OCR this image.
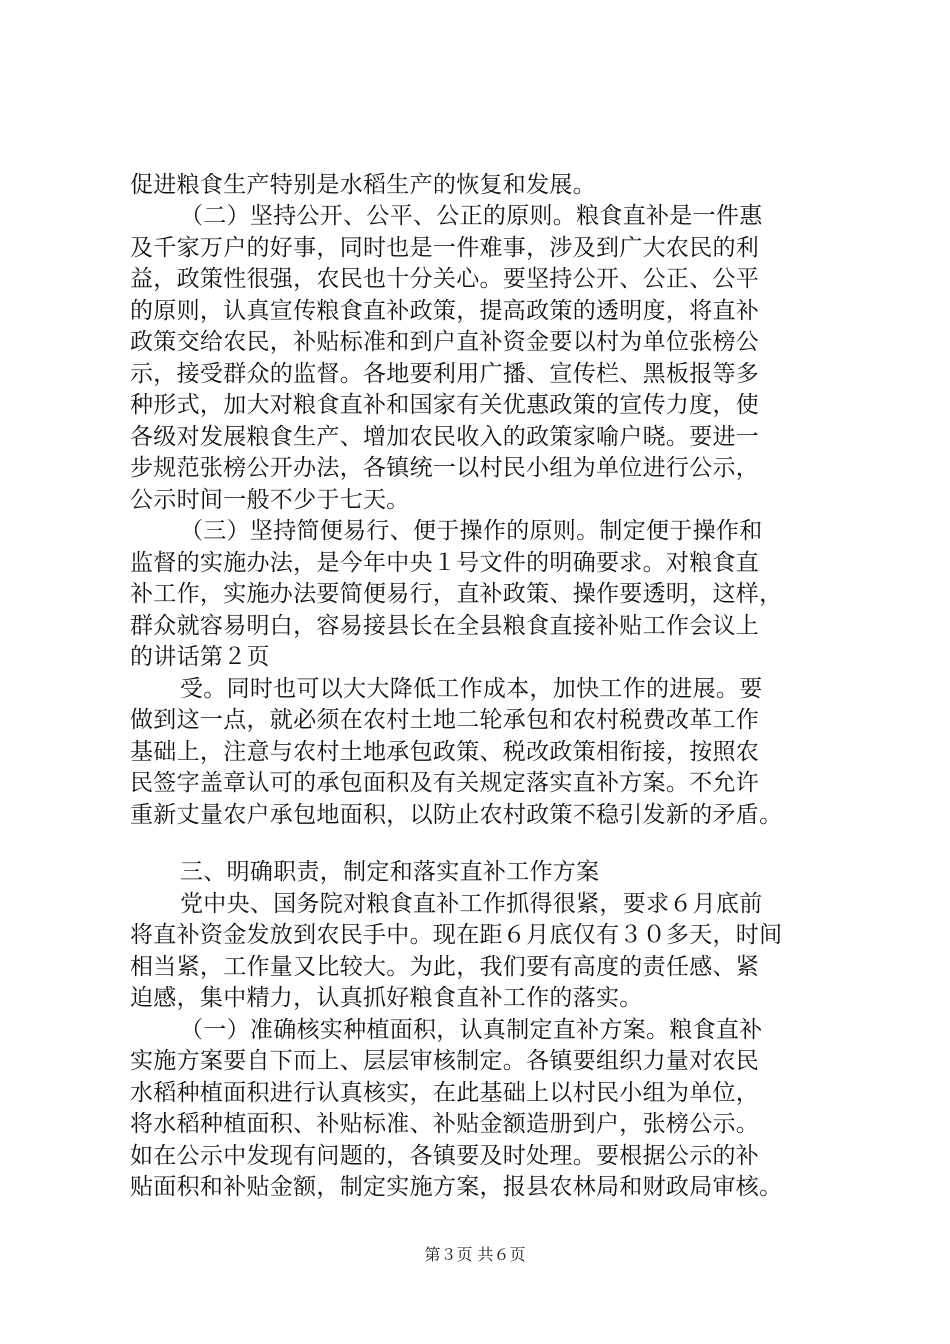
促进粮食生产特别是水稻生产的恢复和发展。
（二）坚持公开、公平、公正的原则。粮食直补是一件惠
及千家万户的好事，同时也是一件难事，涉及到广大农民的利
益，政策性很强，农民也十分关心。要坚持公开、公正、公平
的原则，认真宣传粮食直补政策，提高政策的透明度，将直补
政策交给农民，补贴标准和到户直补资金要以村为单位张榜公
示，接受群众的监督。各地要利用广播、宣传栏、黑板报等多
种形式，加大对粮食直补和国家有关优惠政策的宣传力度，使
各级对发展粮食生产、增加农民收入的政策家喻户晓。要进一
步规范张榜公开办法，各镇统一以村民小组为单位进行公示，
公示时间一般不少于七天。
（三）坚持简便易行、便于操作的原则。制定便于操作和
监督的实施办法，是今年中央１号文件的明确要求。对粮食直
补工作，实施办法要简便易行，直补政策、操作要透明，这样，
群众就容易明白，容易接县长在全县粮食直接补贴工作会议上
的讲话第２页
受。同时也可以大大降低工作成本，加快工作的进展。要
做到这一点，就必须在农村土地二轮承包和农村税费改革工作
基础上，注意与农村土地承包政策、税改政策相衔接，按照农
民签字盖章认可的承包面积及有关规定落实直补方案。不允许
重新丈量农户承包地面积，以防止农村政策不稳引发新的矛盾。
三、明确职责，制定和落实直补工作方案
党中央、国务院对粮食直补工作抓得很紧，要求６月底前
将直补资金发放到农民手中。现在距６月底仅有３０多天，时间
相当紧，工作量又比较大。为此，我们要有高度的责任感、紧
迫感，集中精力，认真抓好粮食直补工作的落实。
（一）准确核实种植面积，认真制定直补方案。粮食直补
实施方案要自下而上、层层审核制定。各镇要组织力量对农民
水稻种植面积进行认真核实，在此基础上以村民小组为单位，
将水稻种植面积、补贴标准、补贴金额造册到户，张榜公示。
如在公示中发现有问题的，各镇要及时处理。要根据公示的补
贴面积和补贴金额，制定实施方案，报县农林局和财政局审核。
第３页 共６页
